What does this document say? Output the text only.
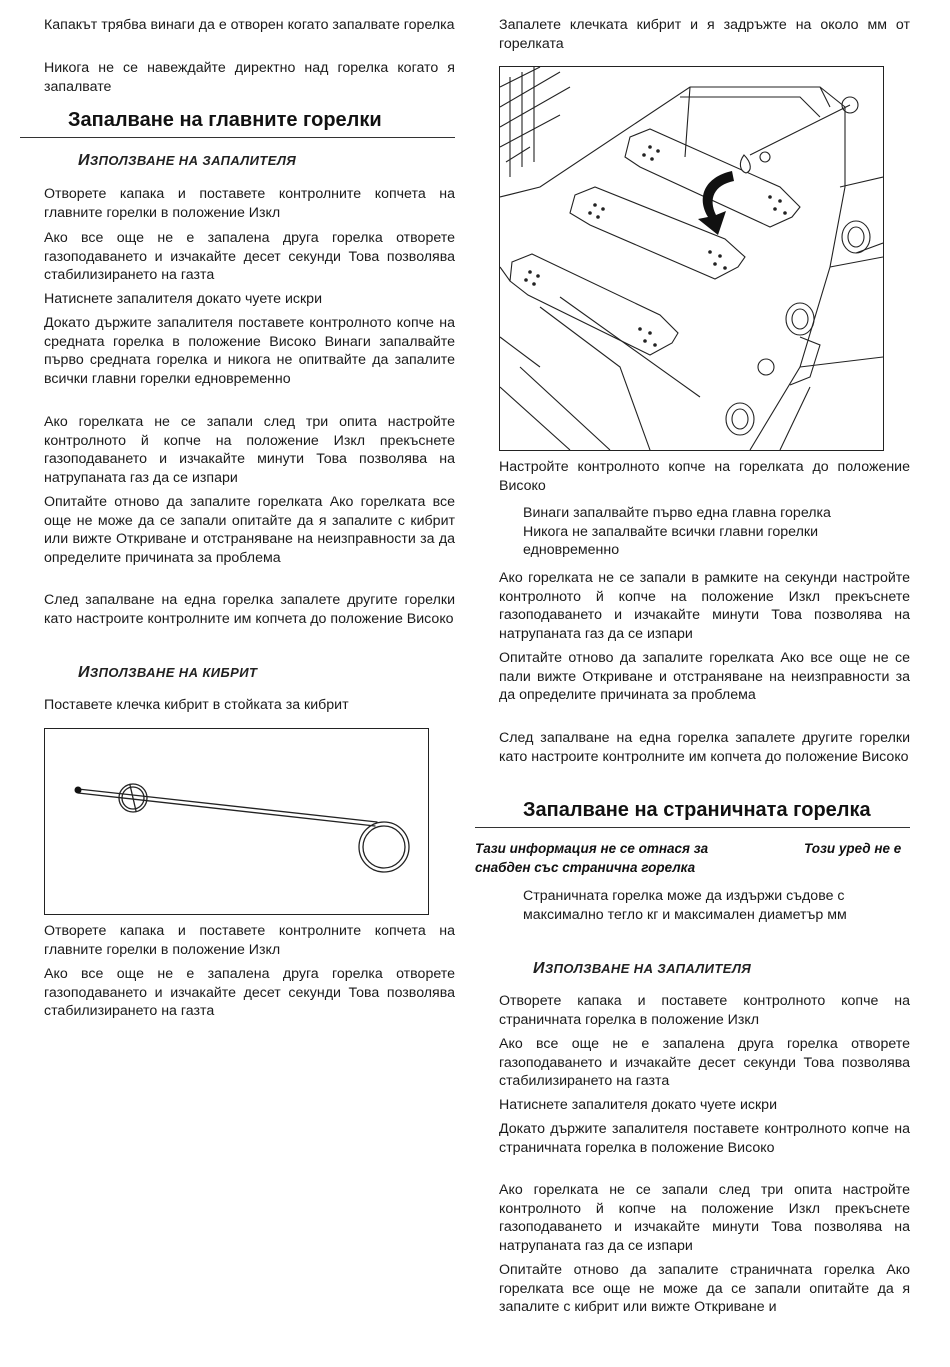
Капакът трябва винаги да е отворен когато запалвате горелка
Никога не се навеждайте директно над горелка когато я запалвате
Запалване на главните горелки
ИЗПОЛЗВАНЕ НА ЗАПАЛИТЕЛЯ
Отворете капака и поставете контролните копчета на главните горелки в положение Изкл
Ако все още не е запалена друга горелка отворете газоподаването и изчакайте десет секунди Това позволява стабилизирането на газта
Натиснете запалителя докато чуете искри
Докато държите запалителя поставете контролното копче на средната горелка в положение Високо Винаги запалвайте първо средната горелка и никога не опитвайте да запалите всички главни горелки едновременно
Ако горелката не се запали след три опита настройте контролното й копче на положение Изкл прекъснете газоподаването и изчакайте минути Това позволява на натрупаната газ да се изпари
Опитайте отново да запалите горелката Ако горелката все още не може да се запали опитайте да я запалите с кибрит или вижте Откриване и отстраняване на неизправности за да определите причината за проблема
След запалване на една горелка запалете другите горелки като настроите контролните им копчета до положение Високо
ИЗПОЛЗВАНЕ НА КИБРИТ
Поставете клечка кибрит в стойката за кибрит
Отворете капака и поставете контролните копчета на главните горелки в положение Изкл
Ако все още не е запалена друга горелка отворете газоподаването и изчакайте десет секунди Това позволява стабилизирането на газта
Запалете клечката кибрит и я задръжте на около мм от горелката
Настройте контролното копче на горелката до положение Високо
Винаги запалвайте първо една главна горелка
Никога не запалвайте всички главни горелки едновременно
Ако горелката не се запали в рамките на секунди настройте контролното й копче на положение Изкл прекъснете газоподаването и изчакайте минути Това позволява на натрупаната газ да се изпари
Опитайте отново да запалите горелката Ако все още не се пали вижте Откриване и отстраняване на неизправности за да определите причината за проблема
След запалване на една горелка запалете другите горелки като настроите контролните им копчета до положение Високо
Запалване на страничната горелка
Страничната горелка може да издържи съдове с максимално тегло кг и максимален диаметър мм
ИЗПОЛЗВАНЕ НА ЗАПАЛИТЕЛЯ
Отворете капака и поставете контролното копче на страничната горелка в положение Изкл
Ако все още не е запалена друга горелка отворете газоподаването и изчакайте десет секунди Това позволява стабилизирането на газта
Натиснете запалителя докато чуете искри
Докато държите запалителя поставете контролното копче на страничната горелка в положение Високо
Ако горелката не се запали след три опита настройте контролното й копче на положение Изкл прекъснете газоподаването и изчакайте минути Това позволява на натрупаната газ да се изпари
Опитайте отново да запалите страничната горелка Ако горелката все още не може да се запали опитайте да я запалите с кибрит или вижте Откриване и
Тази информация не се отнася за	Този уред не е
снабден със странична горелка
